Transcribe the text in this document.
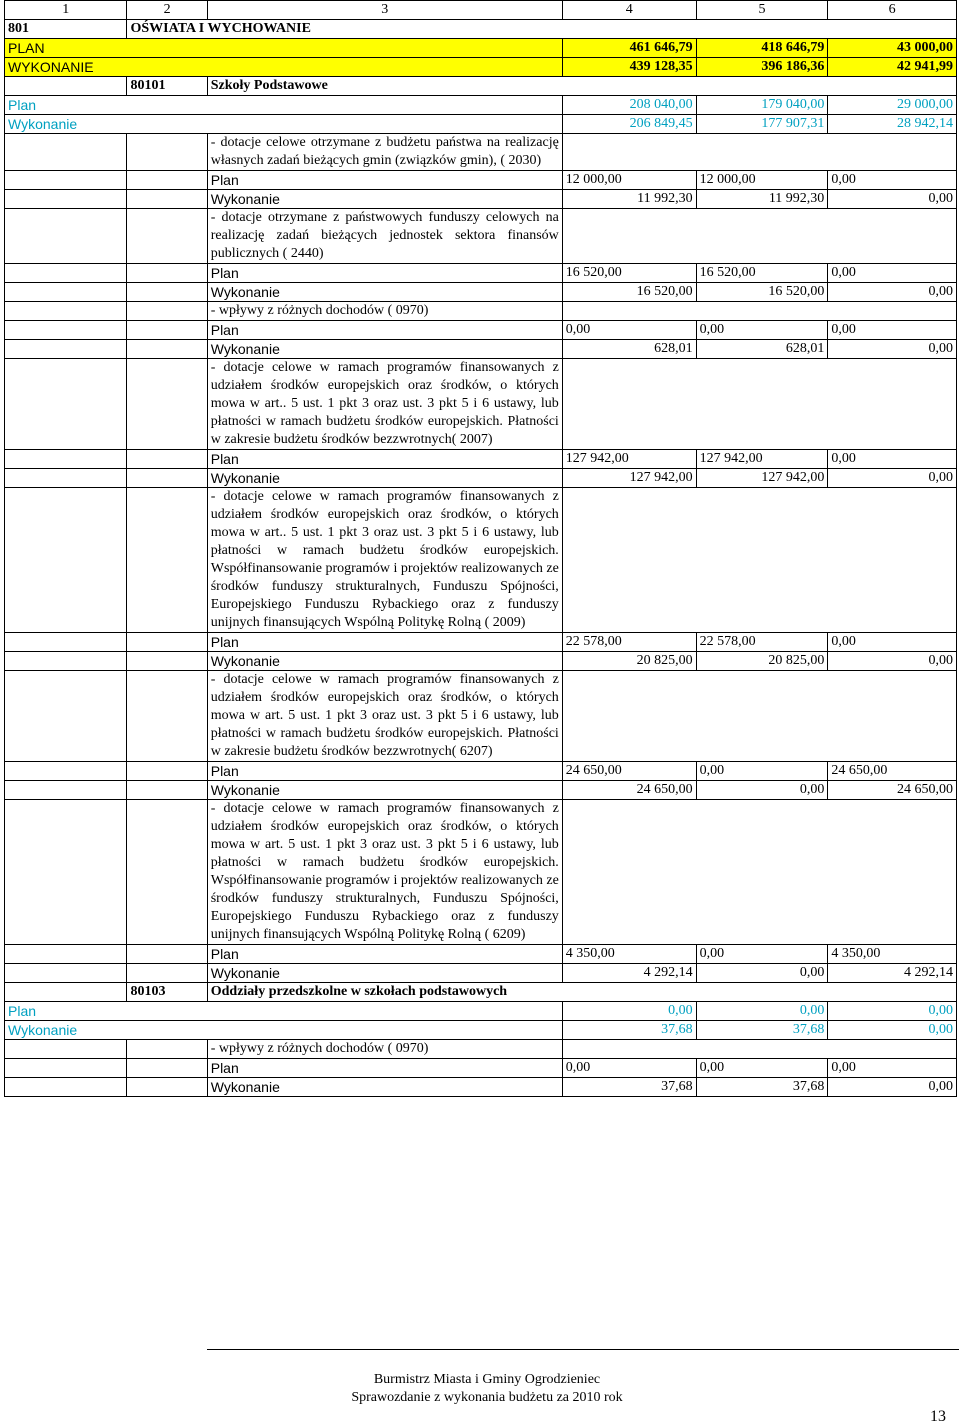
1	2	3	4	5	6
801	OŚWIATA I WYCHOWANIE				
PLAN			461 646,79	418 646,79	43 000,00
WYKONANIE			439 128,35	396 186,36	42 941,99
	80101	Szkoły Podstawowe			
Plan			208 040,00	179 040,00	29 000,00
Wykonanie			206 849,45	177 907,31	28 942,14
		- dotacje celowe otrzymane z budżetu państwa na realizację własnych zadań bieżących gmin (związków gmin), ( 2030)			
		Plan	12 000,00	12 000,00	0,00
		Wykonanie	11 992,30	11 992,30	0,00
		- dotacje otrzymane z państwowych funduszy celowych na realizację zadań bieżących jednostek sektora finansów publicznych ( 2440)			
		Plan	16 520,00	16 520,00	0,00
		Wykonanie	16 520,00	16 520,00	0,00
		- wpływy z różnych dochodów ( 0970)			
		Plan	0,00	0,00	0,00
		Wykonanie	628,01	628,01	0,00
		- dotacje celowe w ramach programów finansowanych z udziałem środków europejskich oraz środków, o których mowa w art.. 5 ust. 1 pkt 3 oraz ust. 3 pkt 5 i 6 ustawy, lub płatności w ramach budżetu środków europejskich. Płatności w zakresie budżetu środków bezzwrotnych( 2007)			
		Plan	127 942,00	127 942,00	0,00
		Wykonanie	127 942,00	127 942,00	0,00
		- dotacje celowe w ramach programów finansowanych z udziałem środków europejskich oraz środków, o których mowa w art.. 5 ust. 1 pkt 3 oraz ust. 3 pkt 5 i 6 ustawy, lub płatności w ramach budżetu środków europejskich. Współfinansowanie programów i projektów realizowanych ze środków funduszy strukturalnych, Funduszu Spójności, Europejskiego Funduszu Rybackiego oraz z funduszy unijnych finansujących Wspólną Politykę Rolną ( 2009)			
		Plan	22 578,00	22 578,00	0,00
		Wykonanie	20 825,00	20 825,00	0,00
		- dotacje celowe w ramach programów finansowanych z udziałem środków europejskich oraz środków, o których mowa w art. 5 ust. 1 pkt 3 oraz ust. 3 pkt 5 i 6 ustawy, lub płatności w ramach budżetu środków europejskich. Płatności w zakresie budżetu środków bezzwrotnych( 6207)			
		Plan	24 650,00	0,00	24 650,00
		Wykonanie	24 650,00	0,00	24 650,00
		- dotacje celowe w ramach programów finansowanych z udziałem środków europejskich oraz środków, o których mowa w art. 5 ust. 1 pkt 3 oraz ust. 3 pkt 5 i 6 ustawy, lub płatności w ramach budżetu środków europejskich. Współfinansowanie programów i projektów realizowanych ze środków funduszy strukturalnych, Funduszu Spójności, Europejskiego Funduszu Rybackiego oraz z funduszy unijnych finansujących Wspólną Politykę Rolną ( 6209)			
		Plan	4 350,00	0,00	4 350,00
		Wykonanie	4 292,14	0,00	4 292,14
	80103	Oddziały przedszkolne w szkołach podstawowych			
Plan			0,00	0,00	0,00
Wykonanie			37,68	37,68	0,00
		- wpływy z różnych dochodów ( 0970)			
		Plan	0,00	0,00	0,00
		Wykonanie	37,68	37,68	0,00
Burmistrz Miasta i Gminy Ogrodzieniec
Sprawozdanie z wykonania budżetu za 2010 rok
13
